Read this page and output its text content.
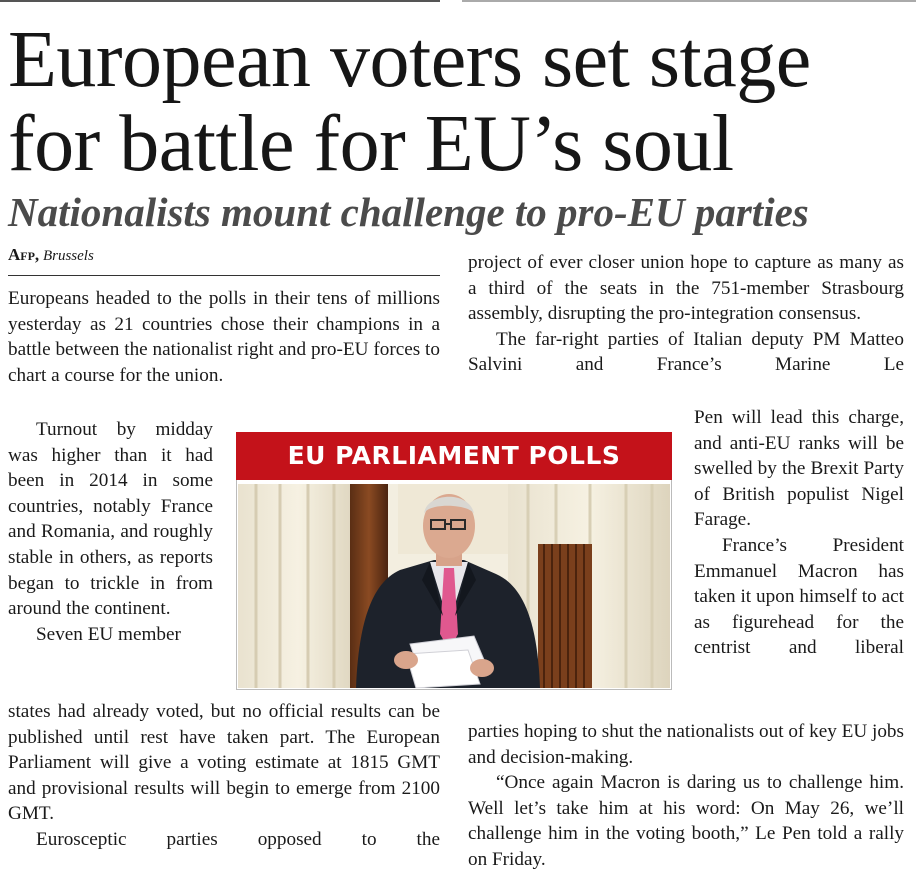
European voters set stage
for battle for EU’s soul
Nationalists mount challenge to pro-EU parties
Afp, Brussels

Europeans headed to the polls in their tens of millions yesterday as 21 countries chose their champions in a battle between the nationalist right and pro-EU forces to chart a course for the union.

Turnout by midday was higher than it had been in 2014 in some countries, notably France and Romania, and roughly stable in others, as reports began to trickle in from around the continent.

Seven EU member

states had already voted, but no official results can be published until rest have taken part. The European Parliament will give a voting estimate at 1815 GMT and provisional results will begin to emerge from 2100 GMT.

Eurosceptic parties opposed to the

project of ever closer union hope to capture as many as a third of the seats in the 751-member Strasbourg assembly, disrupting the pro-integration consensus.

The far-right parties of Italian deputy PM Matteo Salvini and France’s Marine Le

Pen will lead this charge, and anti-EU ranks will be swelled by the Brexit Party of British populist Nigel Farage.

France’s President Emmanuel Macron has taken it upon himself to act as figurehead for the centrist and liberal

parties hoping to shut the nationalists out of key EU jobs and decision-making.

“Once again Macron is daring us to challenge him. Well let’s take him at his word: On May 26, we’ll challenge him in the voting booth,” Le Pen told a rally on Friday.

EU PARLIAMENT POLLS
